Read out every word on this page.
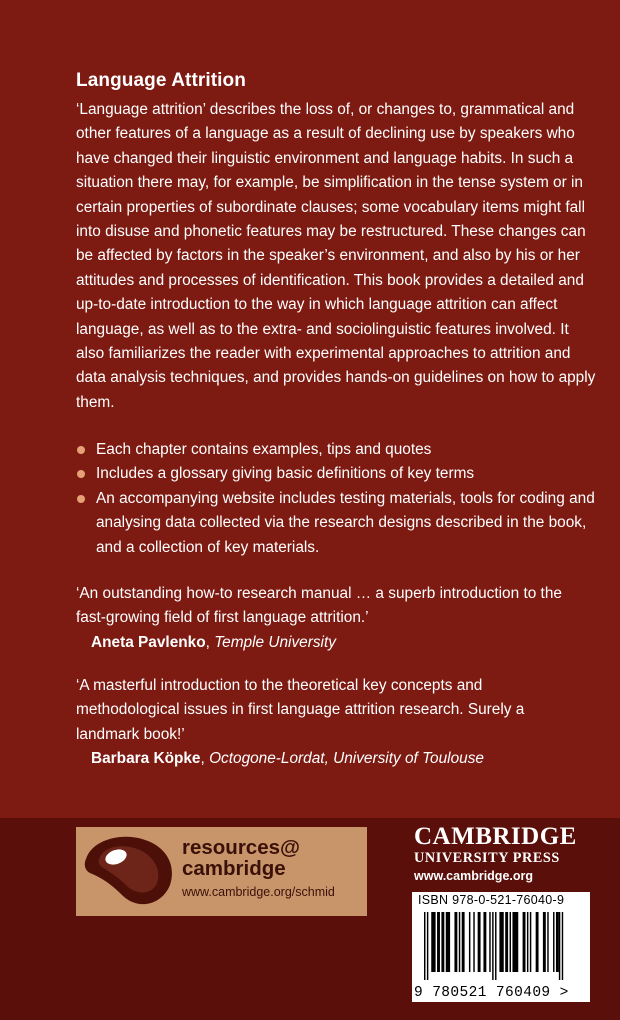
Language Attrition

‘Language attrition’ describes the loss of, or changes to, grammatical and other features of a language as a result of declining use by speakers who have changed their linguistic environment and language habits. In such a situation there may, for example, be simplification in the tense system or in certain properties of subordinate clauses; some vocabulary items might fall into disuse and phonetic features may be restructured. These changes can be affected by factors in the speaker’s environment, and also by his or her attitudes and processes of identification. This book provides a detailed and up-to-date introduction to the way in which language attrition can affect language, as well as to the extra- and sociolinguistic features involved. It also familiarizes the reader with experimental approaches to attrition and data analysis techniques, and provides hands-on guidelines on how to apply them.

Each chapter contains examples, tips and quotes
Includes a glossary giving basic definitions of key terms
An accompanying website includes testing materials, tools for coding and analysing data collected via the research designs described in the book, and a collection of key materials.
‘An outstanding how-to research manual … a superb introduction to the fast-growing field of first language attrition.’
Aneta Pavlenko, Temple University
‘A masterful introduction to the theoretical key concepts and methodological issues in first language attrition research. Surely a landmark book!’
Barbara Köpke, Octogone-Lordat, University of Toulouse
resources@
cambridge
www.cambridge.org/schmid
CAMBRIDGE
UNIVERSITY PRESS
www.cambridge.org
ISBN 978-0-521-76040-9
9 780521 760409 >
